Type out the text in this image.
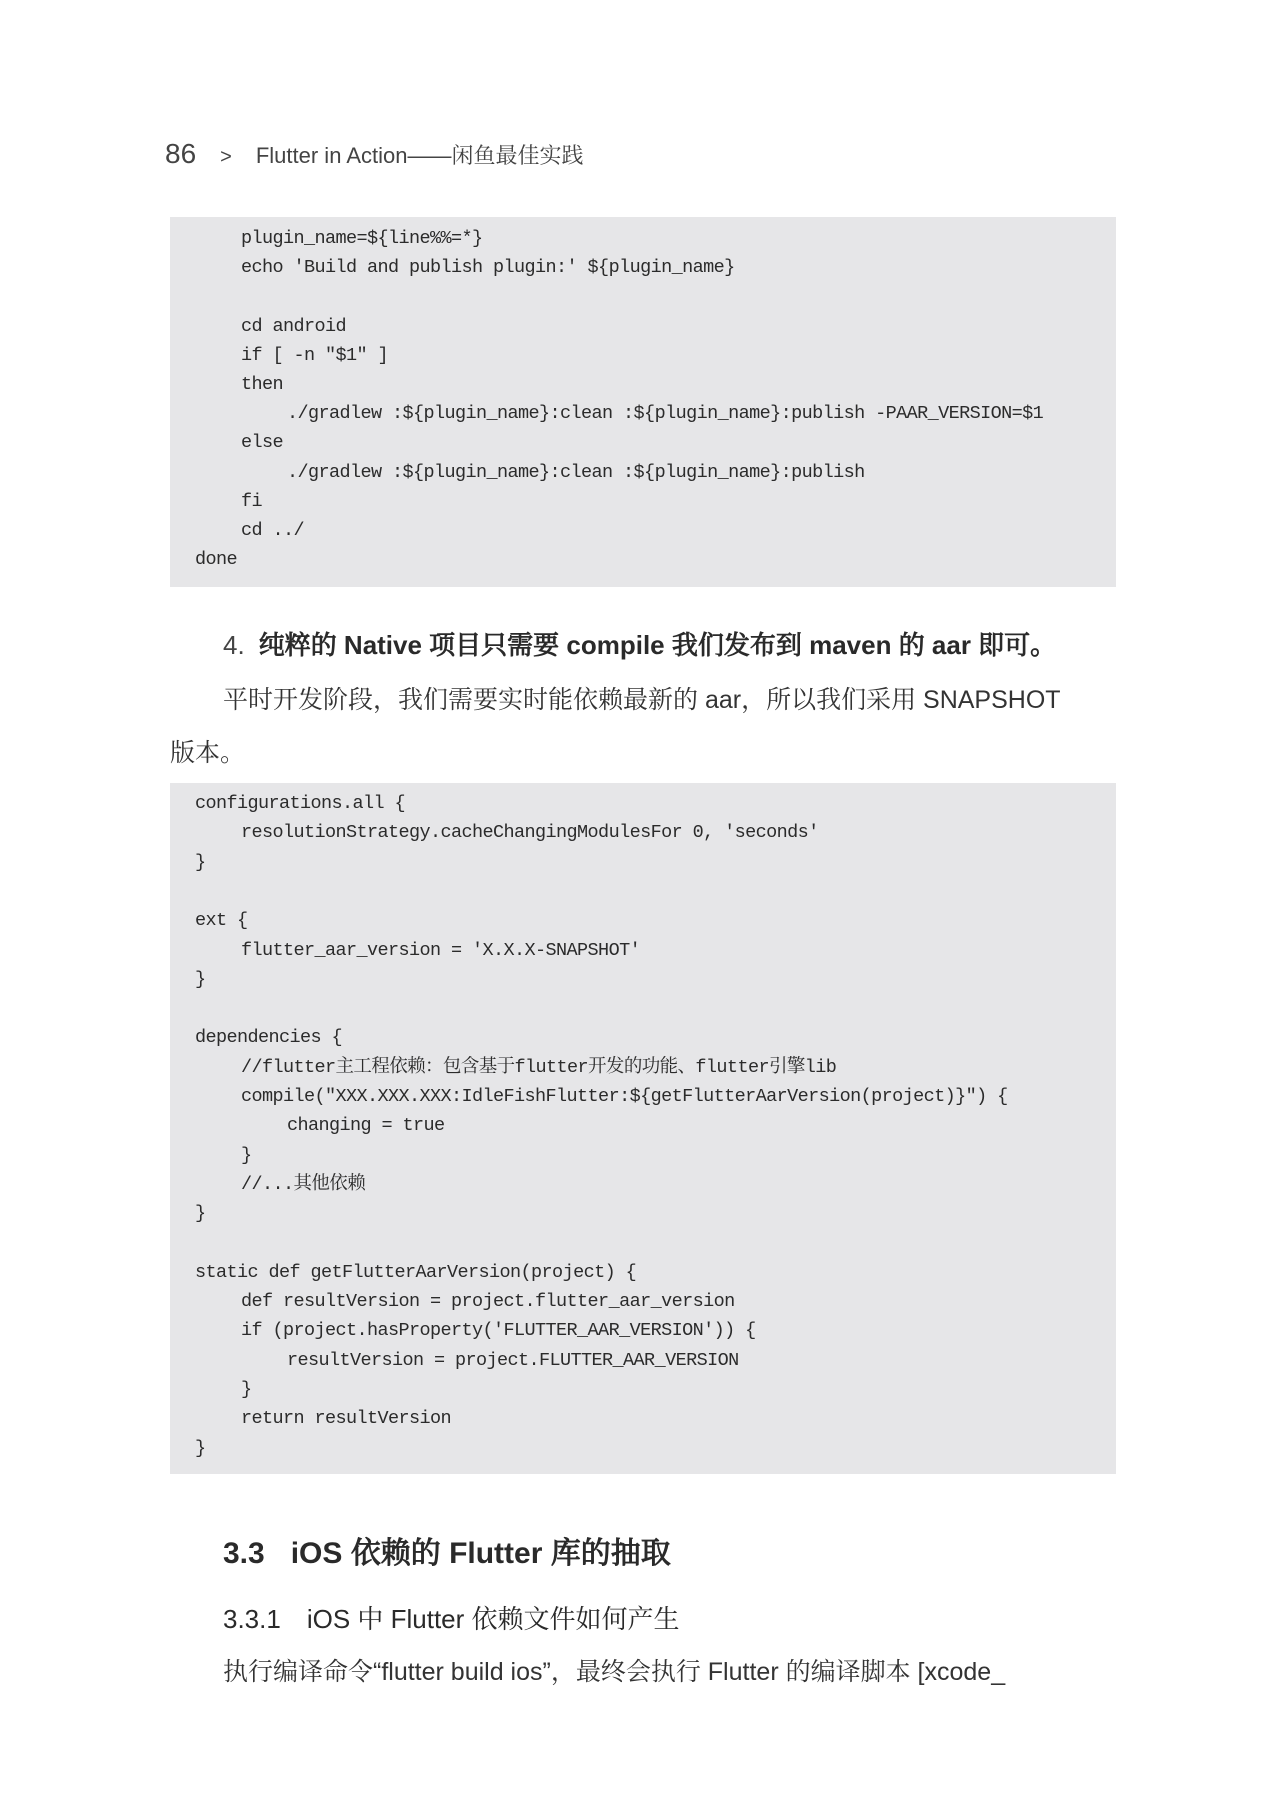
86 > Flutter in Action——闲鱼最佳实践
plugin_name=${line%%=*}
echo 'Build and publish plugin:' ${plugin_name}
cd android
if [ -n "$1" ]
then
./gradlew :${plugin_name}:clean :${plugin_name}:publish -PAAR_VERSION=$1
else
./gradlew :${plugin_name}:clean :${plugin_name}:publish
fi
cd ../
done
4. 纯粹的 Native 项目只需要 compile 我们发布到 maven 的 aar 即可。
平时开发阶段，我们需要实时能依赖最新的 aar，所以我们采用 SNAPSHOT
版本。
configurations.all {
resolutionStrategy.cacheChangingModulesFor 0, 'seconds'
}
ext {
flutter_aar_version = 'X.X.X-SNAPSHOT'
}
dependencies {
//flutter主工程依赖：包含基于flutter开发的功能、flutter引擎lib
compile("XXX.XXX.XXX:IdleFishFlutter:${getFlutterAarVersion(project)}") {
changing = true
}
//...其他依赖
}
static def getFlutterAarVersion(project) {
def resultVersion = project.flutter_aar_version
if (project.hasProperty('FLUTTER_AAR_VERSION')) {
resultVersion = project.FLUTTER_AAR_VERSION
}
return resultVersion
}
3.3 iOS 依赖的 Flutter 库的抽取
3.3.1 iOS 中 Flutter 依赖文件如何产生
执行编译命令“flutter build ios”，最终会执行 Flutter 的编译脚本 [xcode_
